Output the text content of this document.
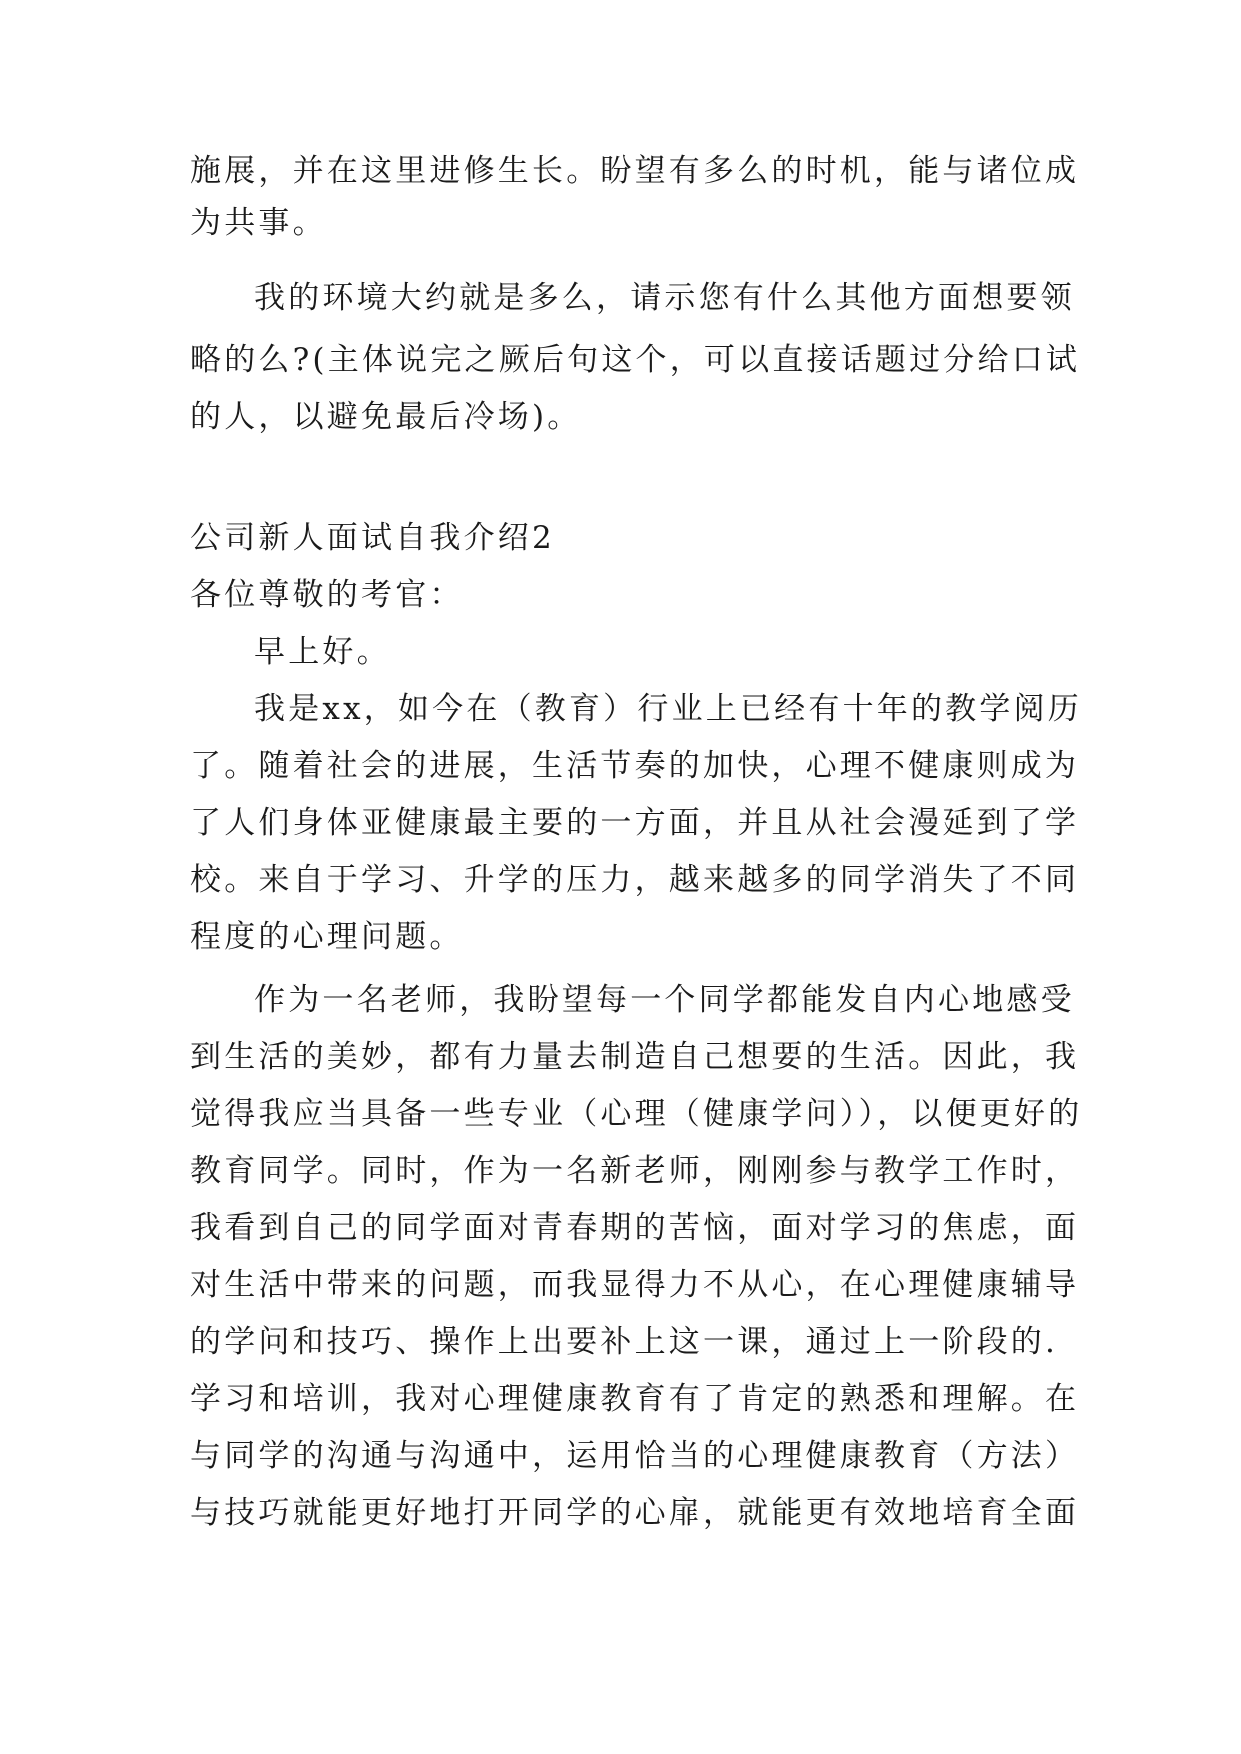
施展，并在这里进修生长。盼望有多么的时机，能与诸位成
为共事。
我的环境大约就是多么，请示您有什么其他方面想要领
略的么?(主体说完之厥后句这个，可以直接话题过分给口试
的人，以避免最后冷场)。
公司新人面试自我介绍2
各位尊敬的考官：
早上好。
我是xx，如今在（教育）行业上已经有十年的教学阅历
了。随着社会的进展，生活节奏的加快，心理不健康则成为
了人们身体亚健康最主要的一方面，并且从社会漫延到了学
校。来自于学习、升学的压力，越来越多的同学消失了不同
程度的心理问题。
作为一名老师，我盼望每一个同学都能发自内心地感受
到生活的美妙，都有力量去制造自己想要的生活。因此，我
觉得我应当具备一些专业（心理（健康学问）），以便更好的
教育同学。同时，作为一名新老师，刚刚参与教学工作时，
我看到自己的同学面对青春期的苦恼，面对学习的焦虑，面
对生活中带来的问题，而我显得力不从心，在心理健康辅导
的学问和技巧、操作上出要补上这一课，通过上一阶段的.
学习和培训，我对心理健康教育有了肯定的熟悉和理解。在
与同学的沟通与沟通中，运用恰当的心理健康教育（方法）
与技巧就能更好地打开同学的心扉，就能更有效地培育全面
